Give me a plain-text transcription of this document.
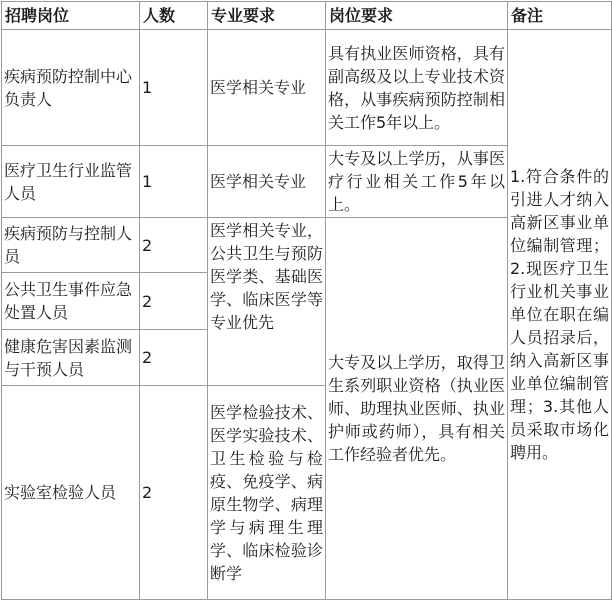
招聘岗位	人数	专业要求	岗位要求	备注
疾病预防控制中心负责人	1	医学相关专业	具有执业医师资格，具有副高级及以上专业技术资格，从事疾病预防控制相关工作5年以上。	1.符合条件的引进人才纳入高新区事业单位编制管理；2.现医疗卫生行业机关事业单位在职在编人员招录后，纳入高新区事业单位编制管理；3.其他人员采取市场化聘用。
医疗卫生行业监管人员	1	医学相关专业	大专及以上学历，从事医疗行业相关工作5年以上。	
疾病预防与控制人员	2	医学相关专业，公共卫生与预防医学类、基础医学、临床医学等专业优先	大专及以上学历，取得卫生系列职业资格（执业医师、助理执业医师、执业护师或药师），具有相关工作经验者优先。	
公共卫生事件应急处置人员	2			
健康危害因素监测与干预人员	2			
实验室检验人员	2	医学检验技术、医学实验技术、卫生检验与检疫、免疫学、病原生物学、病理学与病理生理学、临床检验诊断学		
